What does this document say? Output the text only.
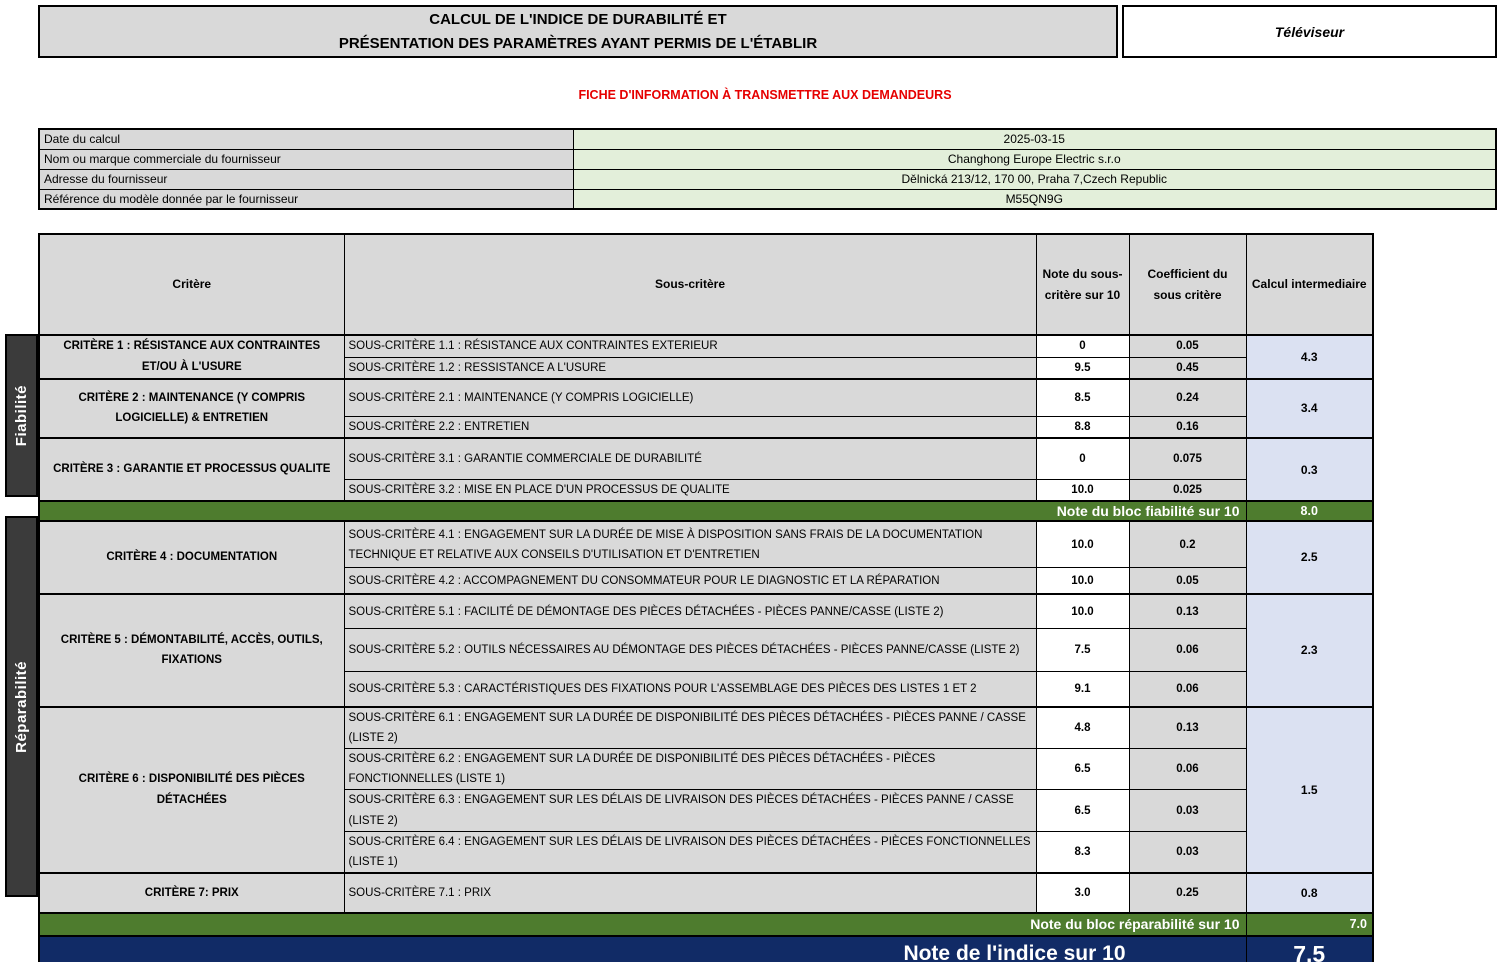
CALCUL DE L'INDICE DE DURABILITÉ ET
PRÉSENTATION DES PARAMÈTRES AYANT PERMIS DE L'ÉTABLIR
Téléviseur
FICHE D'INFORMATION À TRANSMETTRE AUX DEMANDEURS
Date du calcul	2025-03-15
Nom ou marque commerciale du fournisseur	Changhong Europe Electric s.r.o
Adresse du fournisseur	Dělnická 213/12, 170 00, Praha 7,Czech Republic
Référence du modèle donnée par le fournisseur	M55QN9G
Fiabilité
Réparabilité
Critère	Sous-critère	Note du sous-critère sur 10	Coefficient du sous critère	Calcul intermediaire
CRITÈRE 1 : RÉSISTANCE AUX CONTRAINTES ET/OU À L'USURE	SOUS-CRITÈRE 1.1 : RÉSISTANCE AUX CONTRAINTES EXTERIEUR	0	0.05	4.3
	SOUS-CRITÈRE 1.2 : RESSISTANCE A L'USURE	9.5	0.45	
CRITÈRE 2 : MAINTENANCE (Y COMPRIS LOGICIELLE) & ENTRETIEN	SOUS-CRITÈRE 2.1 : MAINTENANCE (Y COMPRIS LOGICIELLE)	8.5	0.24	3.4
	SOUS-CRITÈRE 2.2 : ENTRETIEN	8.8	0.16	
CRITÈRE 3 : GARANTIE ET PROCESSUS QUALITE	SOUS-CRITÈRE 3.1 : GARANTIE COMMERCIALE DE DURABILITÉ	0	0.075	0.3
	SOUS-CRITÈRE 3.2 : MISE EN PLACE D'UN PROCESSUS DE QUALITE	10.0	0.025	
Note du bloc fiabilité sur 10				8.0
CRITÈRE 4 : DOCUMENTATION	SOUS-CRITÈRE 4.1 : ENGAGEMENT SUR LA DURÉE DE MISE À DISPOSITION SANS FRAIS DE LA DOCUMENTATION TECHNIQUE ET RELATIVE AUX CONSEILS D'UTILISATION ET D'ENTRETIEN	10.0	0.2	2.5
	SOUS-CRITÈRE 4.2 : ACCOMPAGNEMENT DU CONSOMMATEUR POUR LE DIAGNOSTIC ET LA RÉPARATION	10.0	0.05	
CRITÈRE 5 : DÉMONTABILITÉ, ACCÈS, OUTILS, FIXATIONS	SOUS-CRITÈRE 5.1 : FACILITÉ DE DÉMONTAGE DES PIÈCES DÉTACHÉES - PIÈCES PANNE/CASSE (LISTE 2)	10.0	0.13	2.3
	SOUS-CRITÈRE 5.2 : OUTILS NÉCESSAIRES AU DÉMONTAGE DES PIÈCES DÉTACHÉES - PIÈCES PANNE/CASSE (LISTE 2)	7.5	0.06	
	SOUS-CRITÈRE 5.3 : CARACTÉRISTIQUES DES FIXATIONS POUR L'ASSEMBLAGE DES PIÈCES DES LISTES 1 ET 2	9.1	0.06	
CRITÈRE 6 : DISPONIBILITÉ DES PIÈCES DÉTACHÉES	SOUS-CRITÈRE 6.1 : ENGAGEMENT SUR LA DURÉE DE DISPONIBILITÉ DES PIÈCES DÉTACHÉES - PIÈCES PANNE / CASSE (LISTE 2)	4.8	0.13	1.5
	SOUS-CRITÈRE 6.2 : ENGAGEMENT SUR LA DURÉE DE DISPONIBILITÉ DES PIÈCES DÉTACHÉES - PIÈCES FONCTIONNELLES (LISTE 1)	6.5	0.06	
	SOUS-CRITÈRE 6.3 : ENGAGEMENT SUR LES DÉLAIS DE LIVRAISON DES PIÈCES DÉTACHÉES - PIÈCES PANNE / CASSE (LISTE 2)	6.5	0.03	
	SOUS-CRITÈRE 6.4 : ENGAGEMENT SUR LES DÉLAIS DE LIVRAISON DES PIÈCES DÉTACHÉES - PIÈCES FONCTIONNELLES (LISTE 1)	8.3	0.03	
CRITÈRE 7: PRIX	SOUS-CRITÈRE 7.1 : PRIX	3.0	0.25	0.8
Note du bloc réparabilité sur 10				7.0
Note de l'indice sur 10				7.5
